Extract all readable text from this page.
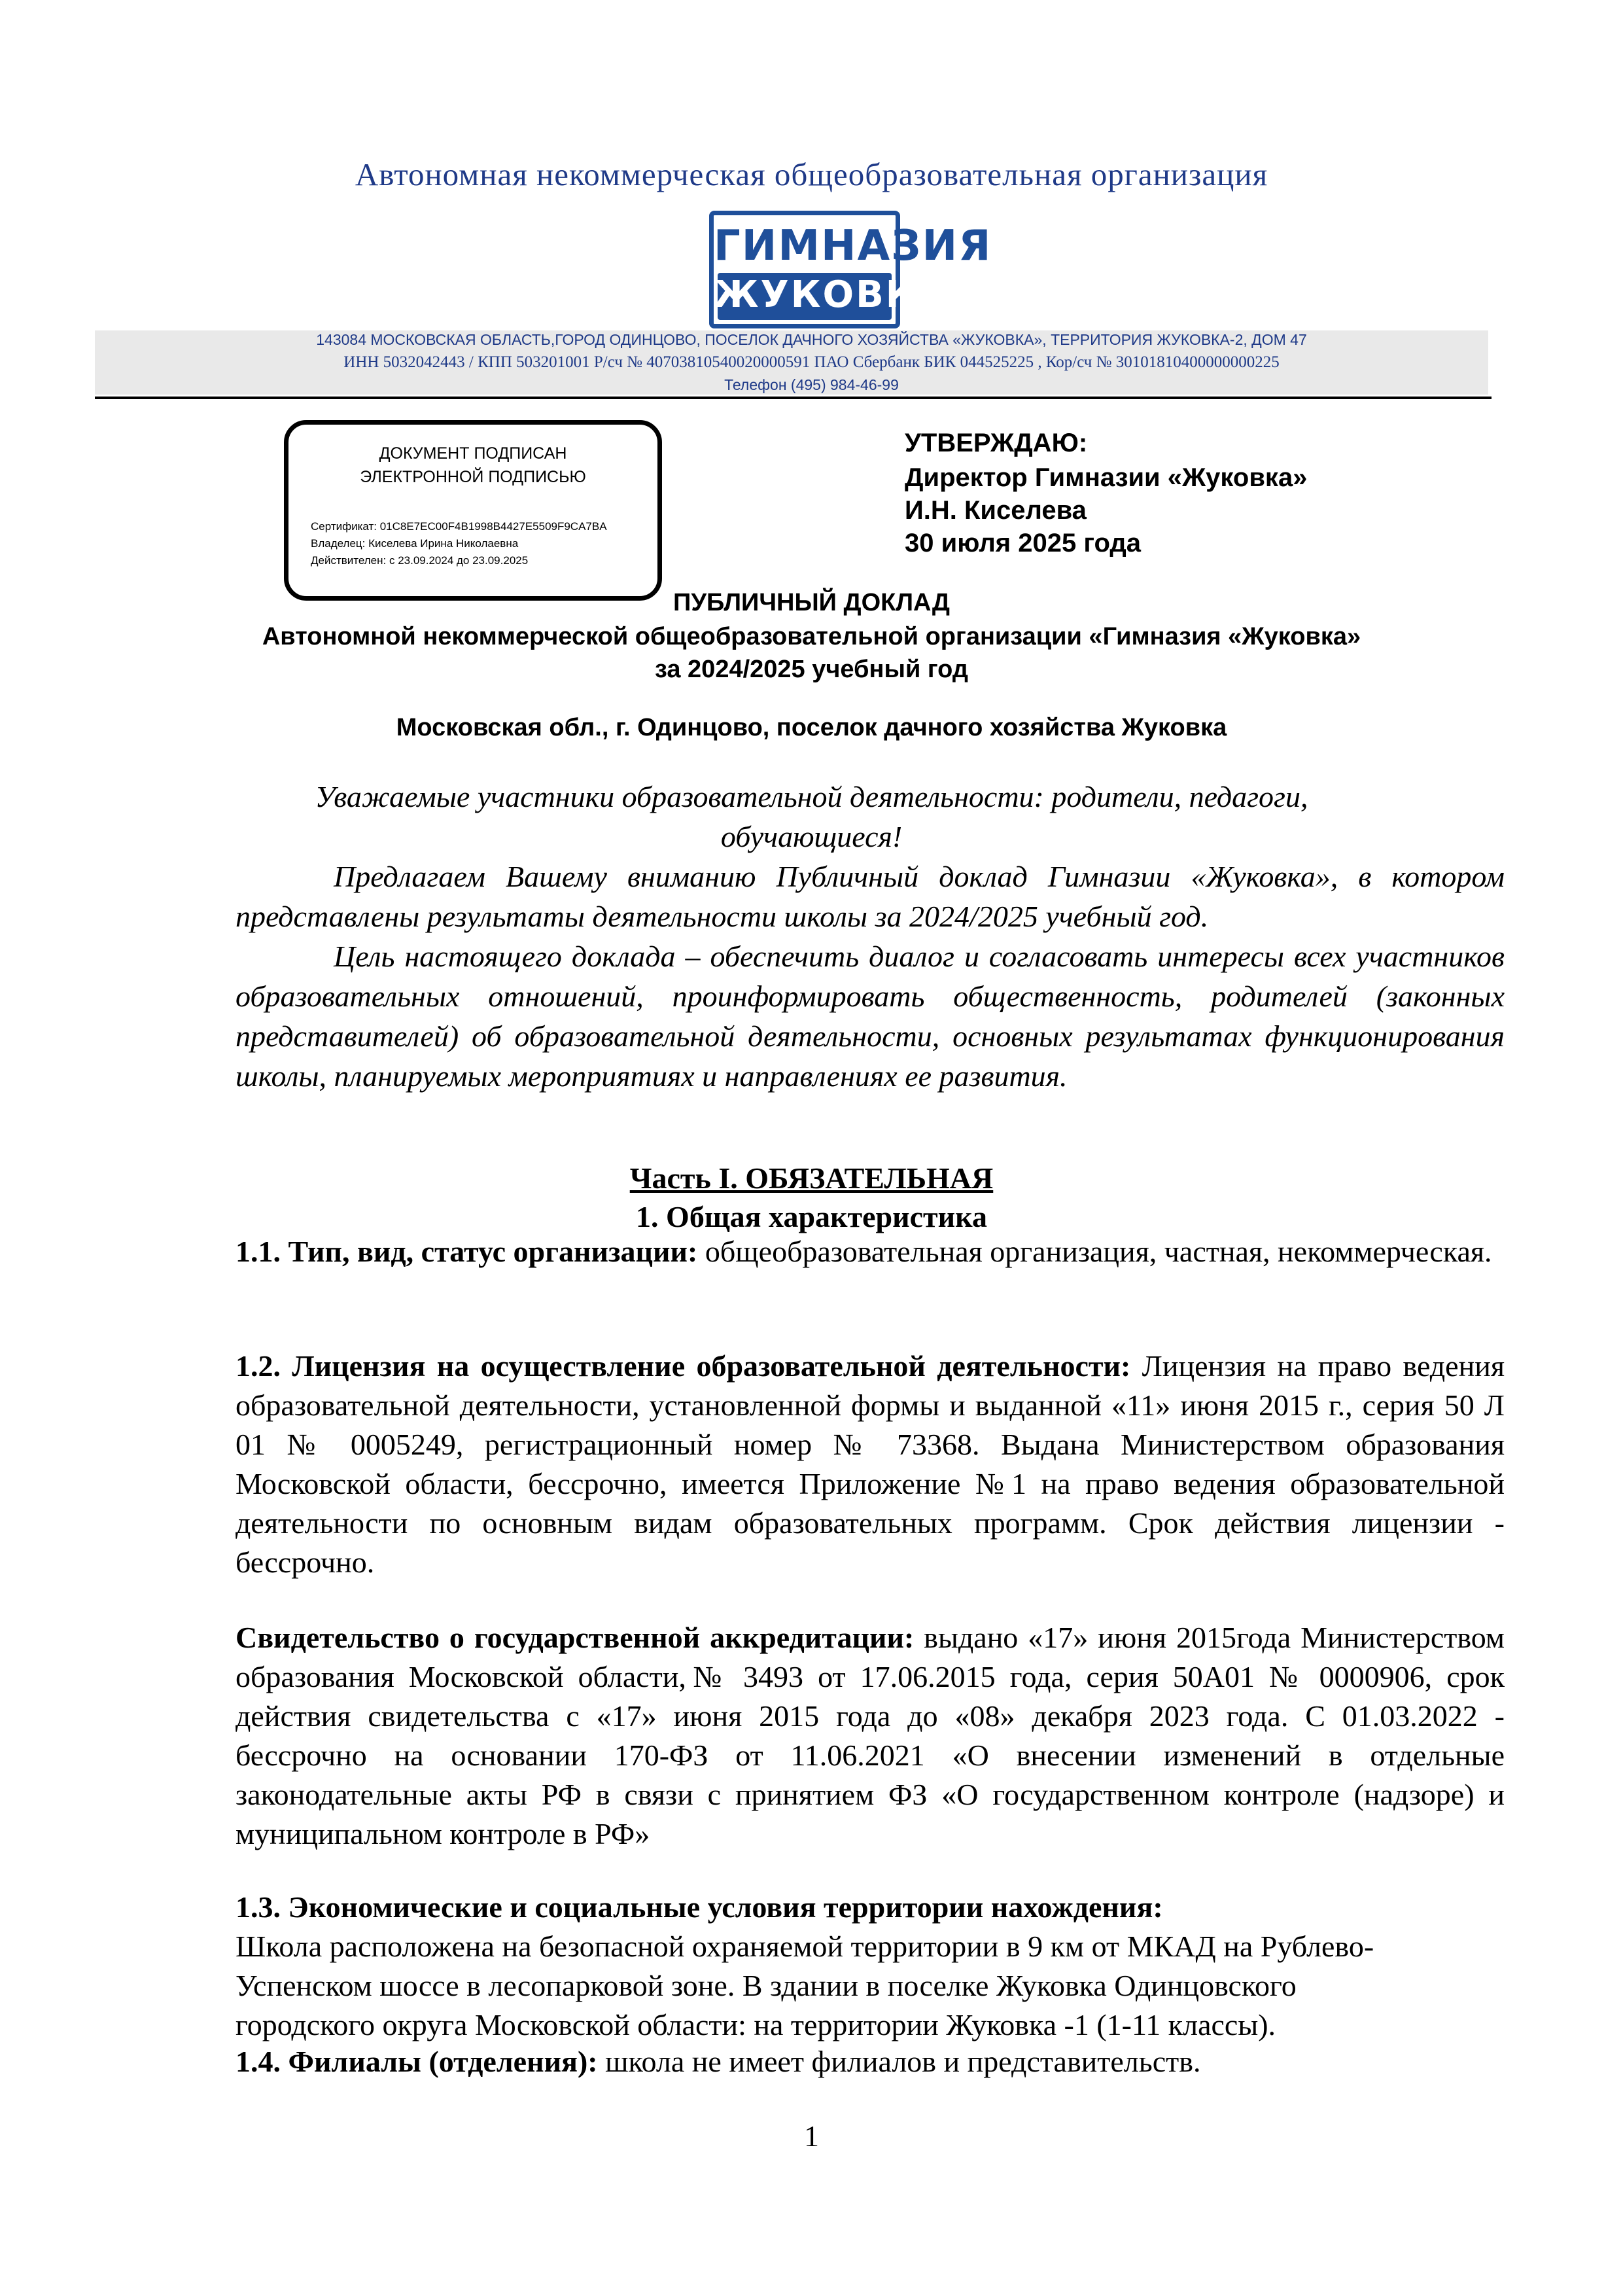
Автономная некоммерческая общеобразовательная организация
ГИМНАЗИЯ
ЖУКОВКА
143084 МОСКОВСКАЯ ОБЛАСТЬ,ГОРОД ОДИНЦОВО, ПОСЕЛОК ДАЧНОГО ХОЗЯЙСТВА «ЖУКОВКА», ТЕРРИТОРИЯ ЖУКОВКА-2, ДОМ 47
ИНН 5032042443 / КПП 503201001 Р/сч № 40703810540020000591 ПАО Сбербанк БИК 044525225 , Кор/сч № 30101810400000000225
Телефон (495) 984-46-99
ДОКУМЕНТ ПОДПИСАН
ЭЛЕКТРОННОЙ ПОДПИСЬЮ
Сертификат: 01C8E7EC00F4B1998B4427E5509F9CA7BA
Владелец: Киселева Ирина Николаевна
Действителен: с 23.09.2024 до 23.09.2025
УТВЕРЖДАЮ:
Директор Гимназии «Жуковка»
И.Н. Киселева
30 июля 2025 года
ПУБЛИЧНЫЙ ДОКЛАД
Автономной некоммерческой общеобразовательной организации «Гимназия «Жуковка»
за 2024/2025 учебный год
Московская обл., г. Одинцово, поселок дачного хозяйства Жуковка
Уважаемые участники образовательной деятельности: родители, педагоги,
обучающиеся!

Предлагаем Вашему вниманию Публичный доклад Гимназии «Жуковка», в котором представлены результаты деятельности школы за 2024/2025 учебный год.

Цель настоящего доклада – обеспечить диалог и согласовать интересы всех участников образовательных отношений, проинформировать общественность, родителей (законных представителей) об образовательной деятельности, основных результатах функционирования школы, планируемых мероприятиях и направлениях ее развития.

Часть I. ОБЯЗАТЕЛЬНАЯ
1. Общая характеристика

1.1. Тип, вид, статус организации: общеобразовательная организация, частная, некоммерческая.

1.2. Лицензия на осуществление образовательной деятельности: Лицензия на право ведения образовательной деятельности, установленной формы и выданной «11» июня 2015 г., серия 50 Л 01 № 0005249, регистрационный номер № 73368. Выдана Министерством образования Московской области, бессрочно, имеется Приложение №1 на право ведения образовательной деятельности по основным видам образовательных программ. Срок действия лицензии - бессрочно.

Свидетельство о государственной аккредитации: выдано «17» июня 2015года Министерством образования Московской области,№ 3493 от 17.06.2015 года, серия 50А01 № 0000906, срок действия свидетельства с «17» июня 2015 года до «08» декабря 2023 года. С 01.03.2022 - бессрочно на основании 170-ФЗ от 11.06.2021 «О внесении изменений в отдельные законодательные акты РФ в связи с принятием ФЗ «О государственном контроле (надзоре) и муниципальном контроле в РФ»

1.3. Экономические и социальные условия территории нахождения:

Школа расположена на безопасной охраняемой территории в 9 км от МКАД на Рублево-
Успенском шоссе в лесопарковой зоне. В здании в поселке Жуковка Одинцовского
городского округа Московской области: на территории Жуковка -1 (1-11 классы).

1.4. Филиалы (отделения): школа не имеет филиалов и представительств.

1
